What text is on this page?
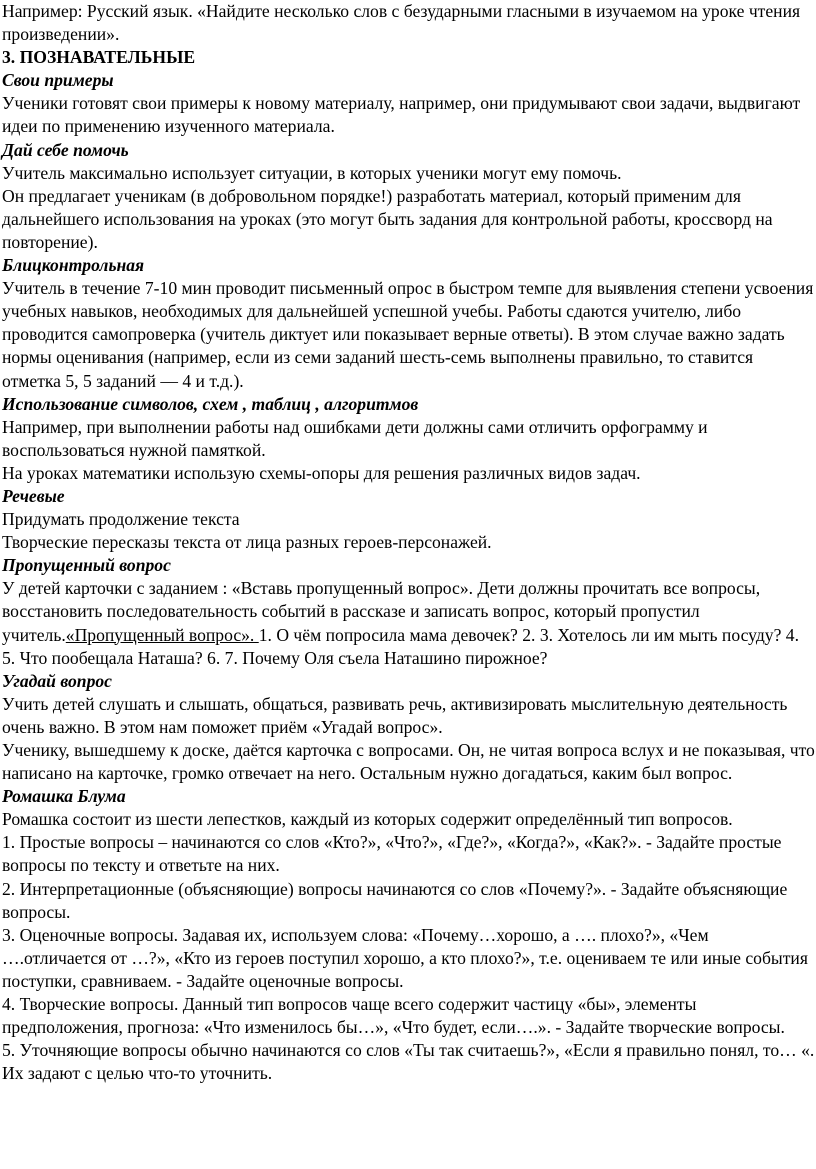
Например: Русский язык. «Найдите несколько слов с безударными гласными в изучаемом на уроке чтения произведении».

3. ПОЗНАВАТЕЛЬНЫЕ

Свои примеры

Ученики готовят свои примеры к новому материалу, например, они придумывают свои задачи, выдвигают идеи по применению изученного материала.

Дай себе помочь

Учитель максимально использует ситуации, в которых ученики могут ему помочь.

Он предлагает ученикам (в добровольном порядке!) разработать материал, который применим для дальнейшего использования на уроках (это могут быть задания для контрольной работы, кроссворд на повторение).

Блицконтрольная

Учитель в течение 7-10 мин проводит письменный опрос в быстром темпе для выявления степени усвоения учебных навыков, необходимых для дальнейшей успешной учебы. Работы сдаются учителю, либо проводится самопроверка (учитель диктует или показывает верные ответы). В этом случае важно задать нормы оценивания (например, если из семи заданий шесть-семь выполнены правильно, то ставится отметка 5, 5 заданий — 4 и т.д.).

Использование символов, схем , таблиц , алгоритмов

Например, при выполнении работы над ошибками дети должны сами отличить орфограмму и воспользоваться нужной памяткой.

На уроках математики использую схемы-опоры для решения различных видов задач.

Речевые

Придумать продолжение текста

Творческие пересказы текста от лица разных героев-персонажей.

Пропущенный вопрос

У детей карточки с заданием : «Вставь пропущенный вопрос». Дети должны прочитать все вопросы, восстановить последовательность событий в рассказе и записать вопрос, который пропустил учитель.«Пропущенный вопрос». 1. О чём попросила мама девочек? 2. 3. Хотелось ли им мыть посуду? 4. 5. Что пообещала Наташа? 6. 7. Почему Оля съела Наташино пирожное?

Угадай вопрос

Учить детей слушать и слышать, общаться, развивать речь, активизировать мыслительную деятельность очень важно. В этом нам поможет приём «Угадай вопрос».

Ученику, вышедшему к доске, даётся карточка с вопросами. Он, не читая вопроса вслух и не показывая, что написано на карточке, громко отвечает на него. Остальным нужно догадаться, каким был вопрос.

Ромашка Блума

Ромашка состоит из шести лепестков, каждый из которых содержит определённый тип вопросов.

1. Простые вопросы – начинаются со слов «Кто?», «Что?», «Где?», «Когда?», «Как?». - Задайте простые вопросы по тексту и ответьте на них.

2. Интерпретационные (объясняющие) вопросы начинаются со слов «Почему?». - Задайте объясняющие вопросы.

3. Оценочные вопросы. Задавая их, используем слова: «Почему…хорошо, а …. плохо?», «Чем ….отличается от …?», «Кто из героев поступил хорошо, а кто плохо?», т.е. оцениваем те или иные события поступки, сравниваем. - Задайте оценочные вопросы.

4. Творческие вопросы. Данный тип вопросов чаще всего содержит частицу «бы», элементы предположения, прогноза: «Что изменилось бы…», «Что будет, если….». - Задайте творческие вопросы.

5. Уточняющие вопросы обычно начинаются со слов «Ты так считаешь?», «Если я правильно понял, то… «. Их задают с целью что-то уточнить.
